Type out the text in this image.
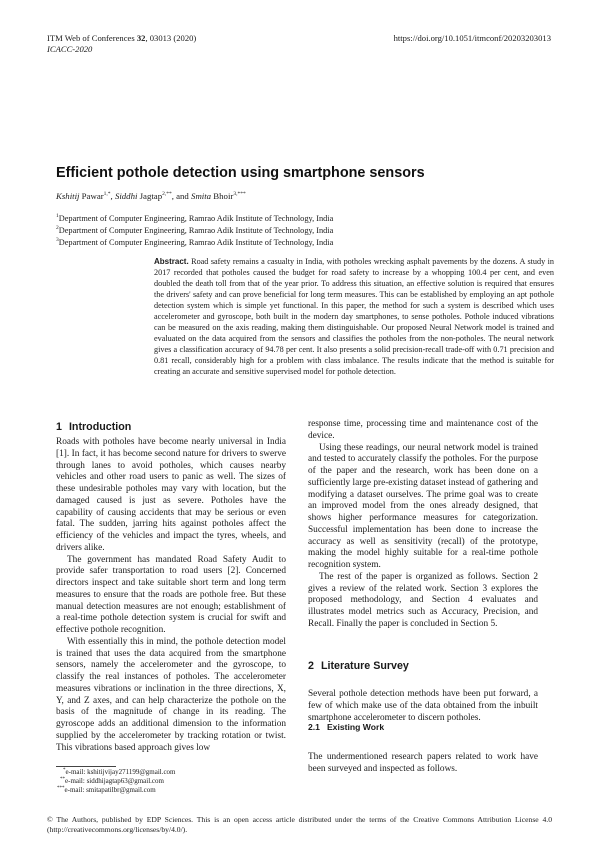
ITM Web of Conferences 32, 03013 (2020)
ICACC-2020
https://doi.org/10.1051/itmconf/20203203013
Efficient pothole detection using smartphone sensors
Kshitij Pawar$^{1,*}$, Siddhi Jagtap$^{2,**}$, and Smita Bhoir$^{3,***}$
$^1$Department of Computer Engineering, Ramrao Adik Institute of Technology, India
$^2$Department of Computer Engineering, Ramrao Adik Institute of Technology, India
$^3$Department of Computer Engineering, Ramrao Adik Institute of Technology, India

Abstract. Road safety remains a casualty in India, with potholes wrecking asphalt pavements by the dozens. A study in 2017 recorded that potholes caused the budget for road safety to increase by a whopping 100.4 per cent, and even doubled the death toll from that of the year prior. To address this situation, an effective solution is required that ensures the drivers' safety and can prove beneficial for long term measures. This can be established by employing an apt pothole detection system which is simple yet functional. In this paper, the method for such a system is described which uses accelerometer and gyroscope, both built in the modern day smartphones, to sense potholes. Pothole induced vibrations can be measured on the axis reading, making them distinguishable. Our proposed Neural Network model is trained and evaluated on the data acquired from the sensors and classifies the potholes from the non-potholes. The neural network gives a classification accuracy of 94.78 per cent. It also presents a solid precision-recall trade-off with 0.71 precision and 0.81 recall, considerably high for a problem with class imbalance. The results indicate that the method is suitable for creating an accurate and sensitive supervised model for pothole detection.

1 Introduction

Roads with potholes have become nearly universal in India [1]. In fact, it has become second nature for drivers to swerve through lanes to avoid potholes, which causes nearby vehicles and other road users to panic as well. The sizes of these undesirable potholes may vary with location, but the damaged caused is just as severe. Potholes have the capability of causing accidents that may be serious or even fatal. The sudden, jarring hits against potholes affect the efficiency of the vehicles and impact the tyres, wheels, and drivers alike.

The government has mandated Road Safety Audit to provide safer transportation to road users [2]. Concerned directors inspect and take suitable short term and long term measures to ensure that the roads are pothole free. But these manual detection measures are not enough; establishment of a real-time pothole detection system is crucial for swift and effective pothole recognition.

With essentially this in mind, the pothole detection model is trained that uses the data acquired from the smartphone sensors, namely the accelerometer and the gyroscope, to classify the real instances of potholes. The accelerometer measures vibrations or inclination in the three directions, X, Y, and Z axes, and can help characterize the pothole on the basis of the magnitude of change in its reading. The gyroscope adds an additional dimension to the information supplied by the accelerometer by tracking rotation or twist. This vibrations based approach gives low

response time, processing time and maintenance cost of the device.

Using these readings, our neural network model is trained and tested to accurately classify the potholes. For the purpose of the paper and the research, work has been done on a sufficiently large pre-existing dataset instead of gathering and modifying a dataset ourselves. The prime goal was to create an improved model from the ones already designed, that shows higher performance measures for categorization. Successful implementation has been done to increase the accuracy as well as sensitivity (recall) of the prototype, making the model highly suitable for a real-time pothole recognition system.

The rest of the paper is organized as follows. Section 2 gives a review of the related work. Section 3 explores the proposed methodology, and Section 4 evaluates and illustrates model metrics such as Accuracy, Precision, and Recall. Finally the paper is concluded in Section 5.

2 Literature Survey

Several pothole detection methods have been put forward, a few of which make use of the data obtained from the inbuilt smartphone accelerometer to discern potholes.

2.1 Existing Work

The undermentioned research papers related to work have been surveyed and inspected as follows.

*e-mail: kshitijvijay271199@gmail.com
**e-mail: siddhijagtap63@gmail.com
***e-mail: smitapatilbr@gmail.com

© The Authors, published by EDP Sciences. This is an open access article distributed under the terms of the Creative Commons Attribution License 4.0 (http://creativecommons.org/licenses/by/4.0/).
